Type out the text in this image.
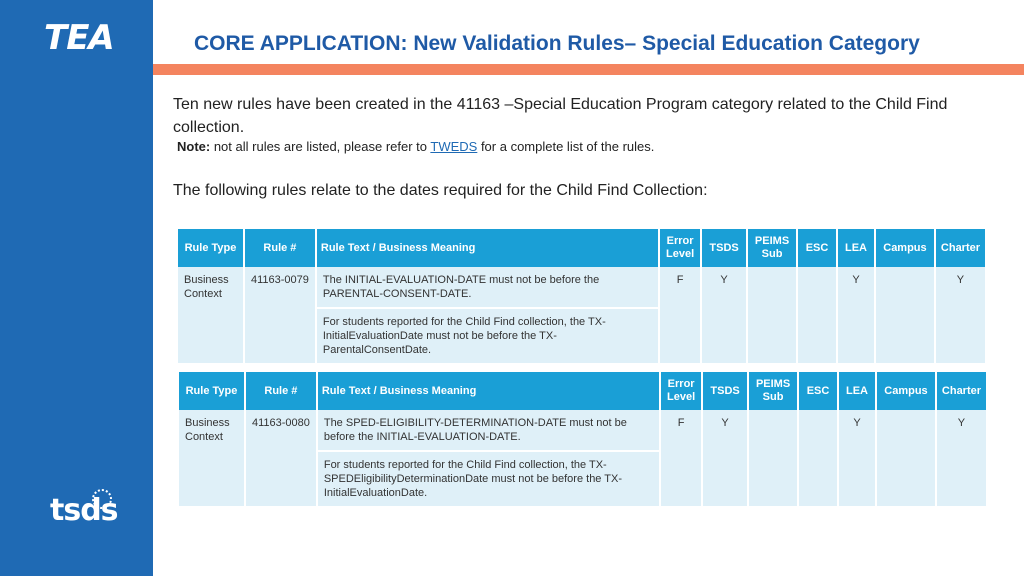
TEA
tsds
CORE APPLICATION: New Validation Rules– Special Education Category
Ten new rules have been created in the 41163 –Special Education Program category related to the Child Find collection.
Note: not all rules are listed, please refer to TWEDS for a complete list of the rules.
The following rules relate to the dates required for the Child Find Collection:
Rule Type	Rule #	Rule Text / Business Meaning	Error Level	TSDS	PEIMS Sub	ESC	LEA	Campus	Charter
Business Context	41163-0079	The INITIAL-EVALUATION-DATE must not be before the PARENTAL-CONSENT-DATE.	F	Y			Y		Y
		For students reported for the Child Find collection, the TX-InitialEvaluationDate must not be before the TX-ParentalConsentDate.							
Rule Type	Rule #	Rule Text / Business Meaning	Error Level	TSDS	PEIMS Sub	ESC	LEA	Campus	Charter
Business Context	41163-0080	The SPED-ELIGIBILITY-DETERMINATION-DATE must not be before the INITIAL-EVALUATION-DATE.	F	Y			Y		Y
		For students reported for the Child Find collection, the TX-SPEDEligibilityDeterminationDate must not be before the TX-InitialEvaluationDate.							
